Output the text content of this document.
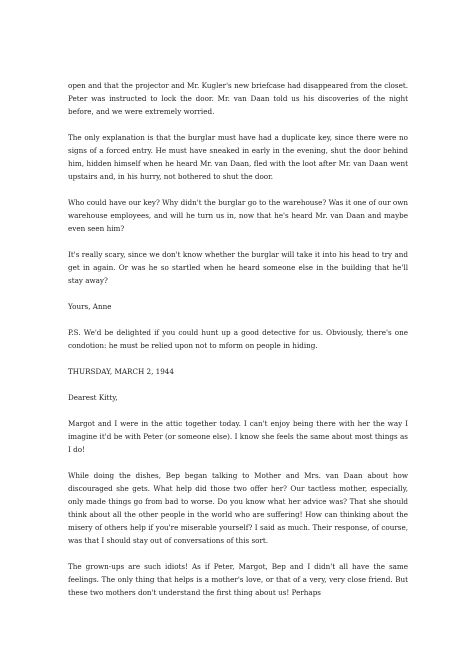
open and that the projector and Mr. Kugler's new briefcase had disappeared from the closet. Peter was instructed to lock the door. Mr. van Daan told us his discoveries of the night before, and we were extremely worried.

The only explanation is that the burglar must have had a duplicate key, since there were no signs of a forced entry. He must have sneaked in early in the evening, shut the door behind him, hidden himself when he heard Mr. van Daan, fled with the loot after Mr. van Daan went upstairs and, in his hurry, not bothered to shut the door.

Who could have our key? Why didn't the burglar go to the warehouse? Was it one of our own warehouse employees, and will he turn us in, now that he's heard Mr. van Daan and maybe even seen him?

It's really scary, since we don't know whether the burglar will take it into his head to try and get in again. Or was he so startled when he heard someone else in the building that he'll stay away?

Yours, Anne

P.S. We'd be delighted if you could hunt up a good detective for us. Obviously, there's one condotion: he must be relied upon not to mform on people in hiding.

THURSDAY, MARCH 2, 1944

Dearest Kitty,

Margot and I were in the attic together today. I can't enjoy being there with her the way I imagine it'd be with Peter (or someone else). I know she feels the same about most things as I do!

While doing the dishes, Bep began talking to Mother and Mrs. van Daan about how discouraged she gets. What help did those two offer her? Our tactless mother, especially, only made things go from bad to worse. Do you know what her advice was? That she should think about all the other people in the world who are suffering! How can thinking about the misery of others help if you're miserable yourself? I said as much. Their response, of course, was that I should stay out of conversations of this sort.

The grown-ups are such idiots! As if Peter, Margot, Bep and I didn't all have the same feelings. The only thing that helps is a mother's love, or that of a very, very close friend. But these two mothers don't understand the first thing about us! Perhaps
